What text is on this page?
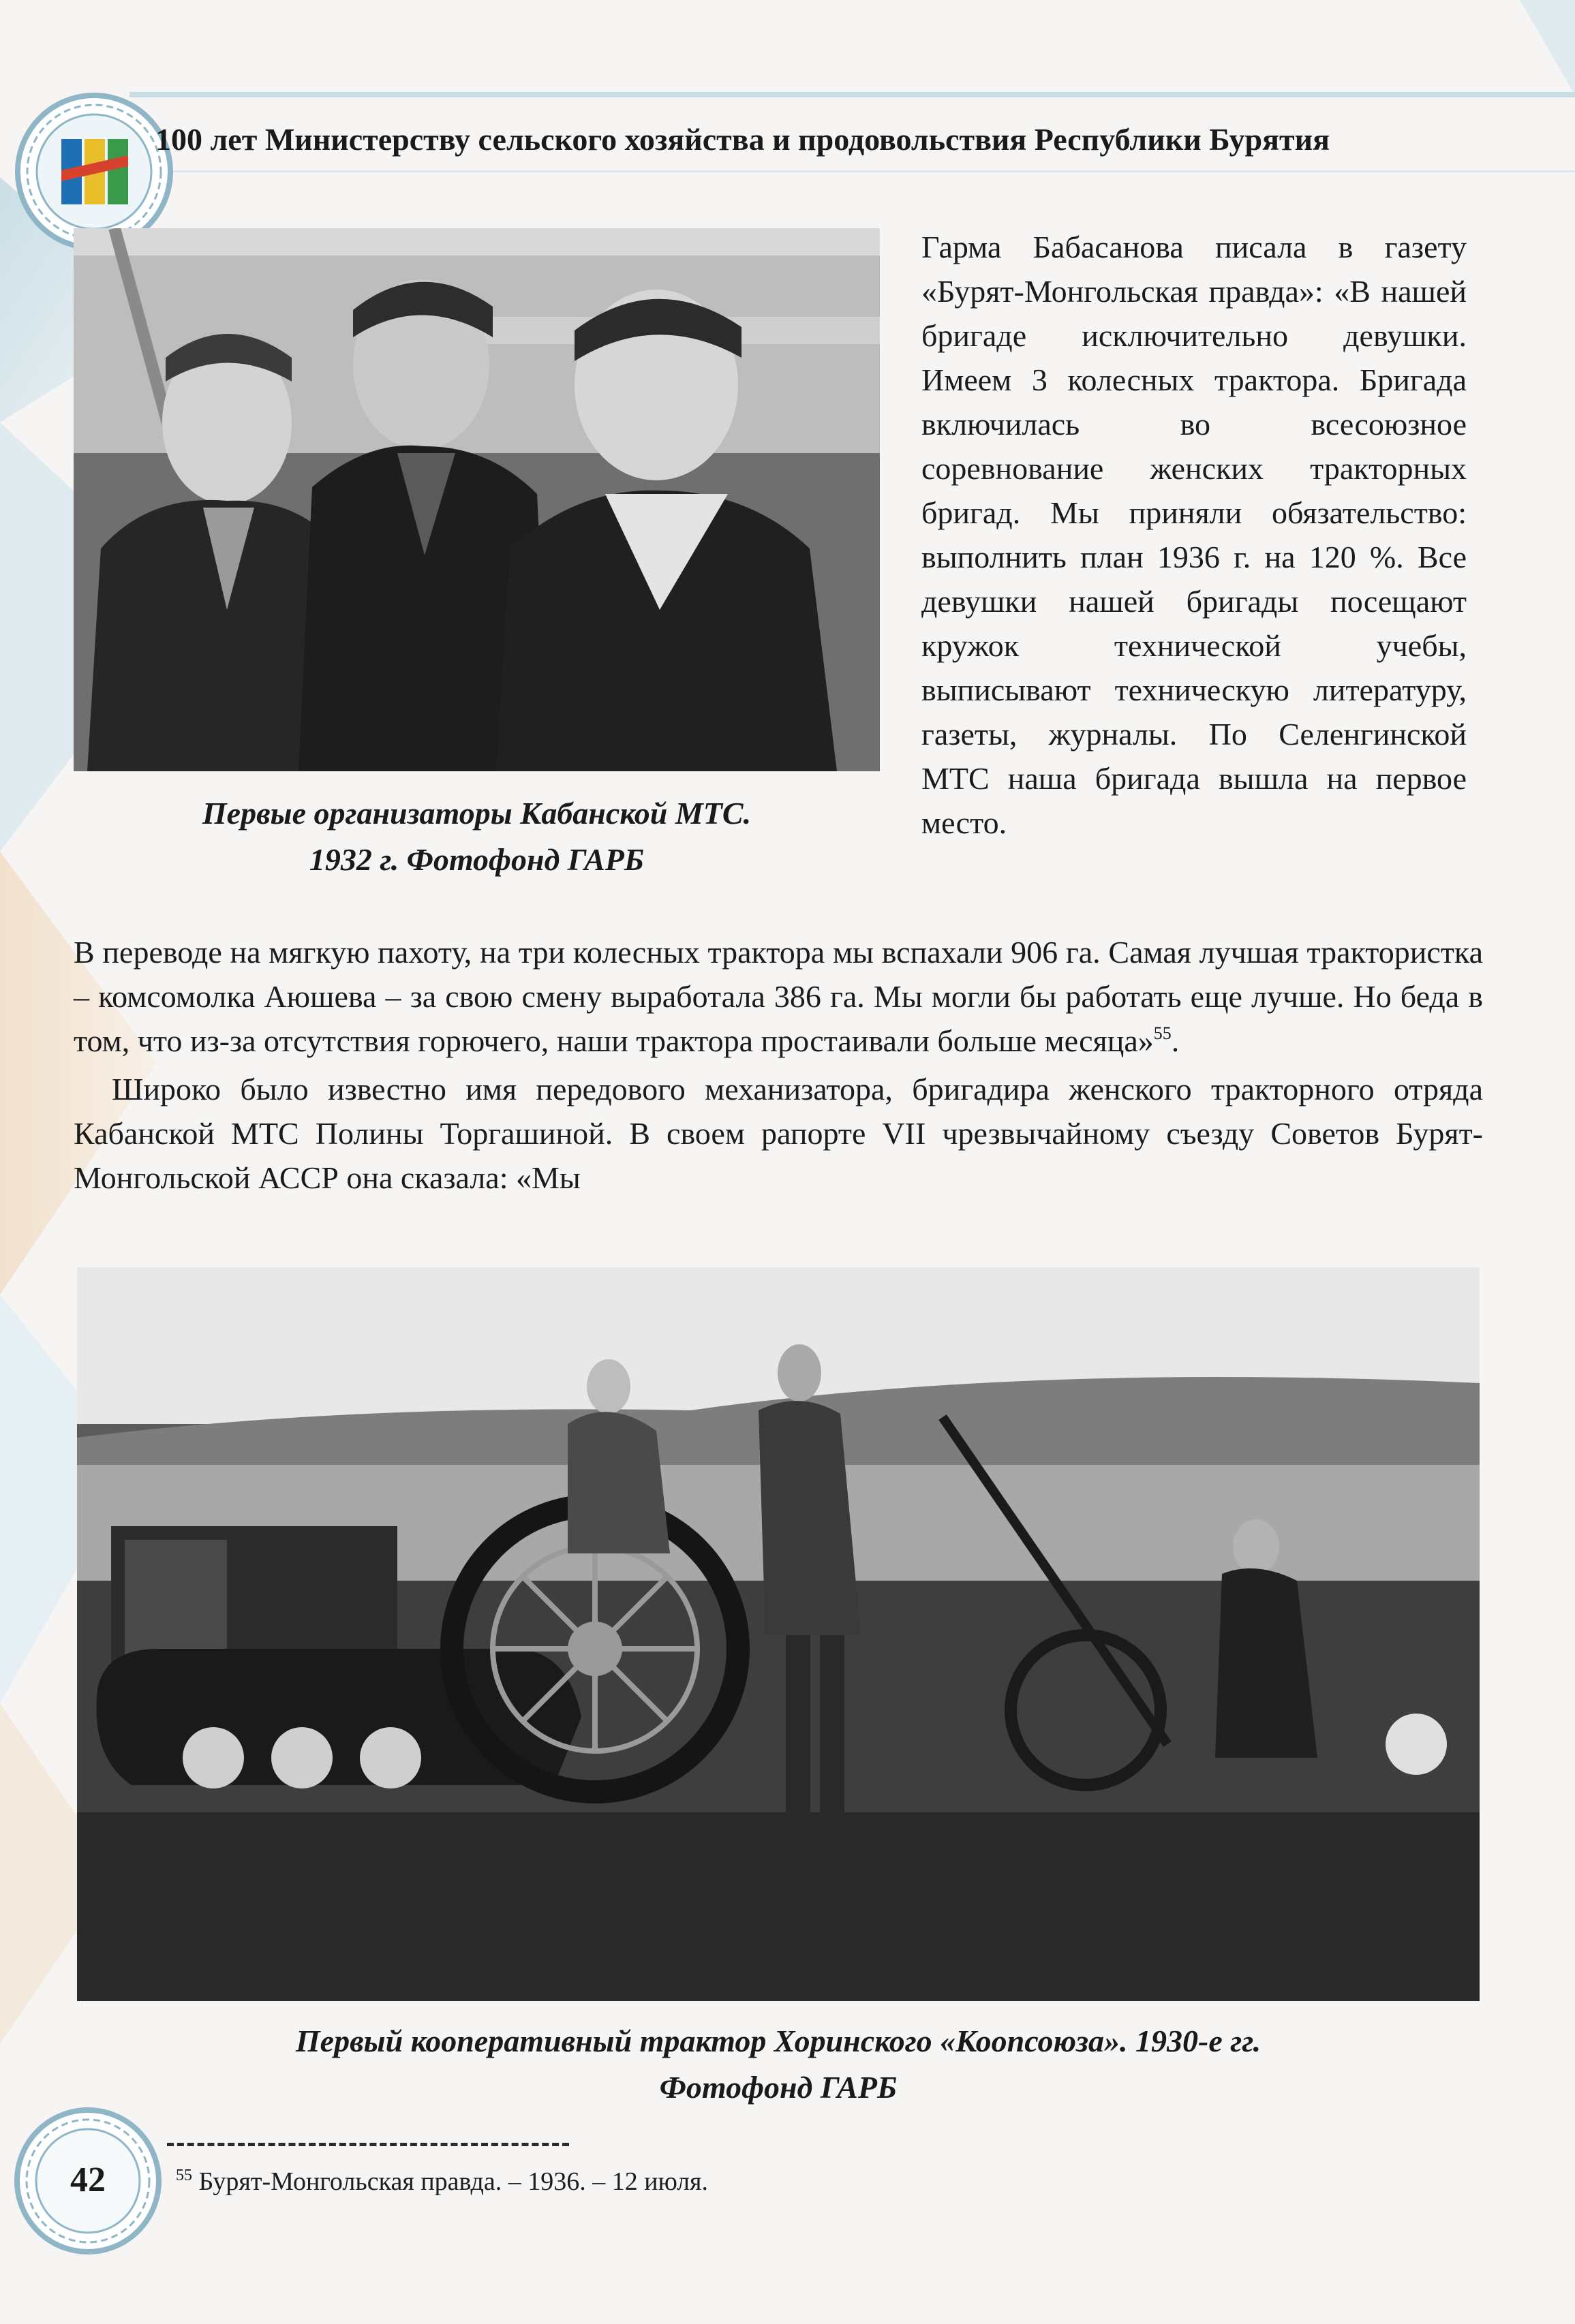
100 лет Министерству сельского хозяйства и продовольствия Республики Бурятия
Первые организаторы Кабанской МТС.
1932 г. Фотофонд ГАРБ

Гарма Бабасанова писала в газету «Бурят-Монгольская правда»: «В нашей бригаде исключительно девушки. Имеем 3 колесных трактора. Бригада включилась во всесоюзное соревнование женских тракторных бригад. Мы приняли обязательство: выполнить план 1936 г. на 120 %. Все девушки нашей бригады посещают кружок технической учебы, выписывают техническую литературу, газеты, журналы. По Селенгинской МТС наша бригада вышла на первое место.

В переводе на мягкую пахоту, на три колесных трактора мы вспахали 906 га. Самая лучшая трактористка – комсомолка Аюшева – за свою смену выработала 386 га. Мы могли бы работать еще лучше. Но беда в том, что из-за отсутствия горючего, наши трактора простаивали больше месяца»$^{55}$.

Широко было известно имя передового механизатора, бригадира женского тракторного отряда Кабанской МТС Полины Торгашиной. В своем рапорте VII чрезвычайному съезду Советов Бурят-Монгольской АССР она сказала: «Мы

Первый кооперативный трактор Хоринского «Коопсоюза». 1930-е гг.
Фотофонд ГАРБ
$^{55}$ Бурят-Монгольская правда. – 1936. – 12 июля.
42
